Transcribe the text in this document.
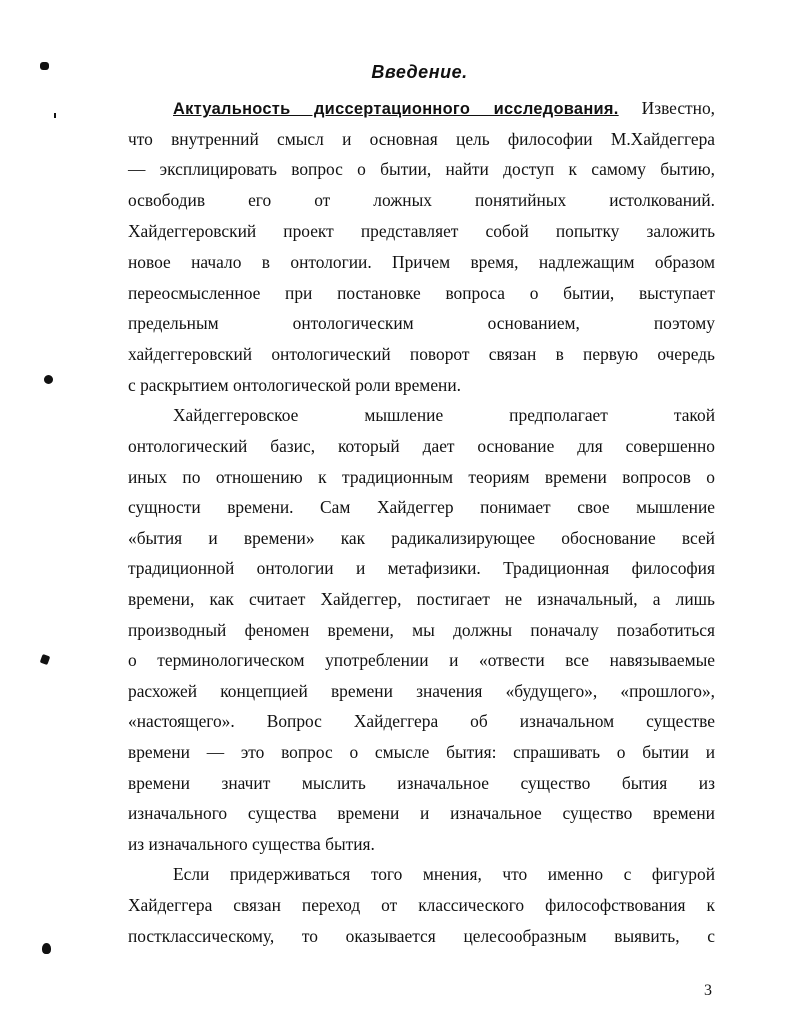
Введение.
Актуальность диссертационного исследования. Известно,
что внутренний смысл и основная цель философии М.Хайдеггера
— эксплицировать вопрос о бытии, найти доступ к самому бытию,
освободив его от ложных понятийных истолкований.
Хайдеггеровский проект представляет собой попытку заложить
новое начало в онтологии. Причем время, надлежащим образом
переосмысленное при постановке вопроса о бытии, выступает
предельным онтологическим основанием, поэтому
хайдеггеровский онтологический поворот связан в первую очередь
с раскрытием онтологической роли времени.
Хайдеггеровское мышление предполагает такой
онтологический базис, который дает основание для совершенно
иных по отношению к традиционным теориям времени вопросов о
сущности времени. Сам Хайдеггер понимает свое мышление
«бытия и времени» как радикализирующее обоснование всей
традиционной онтологии и метафизики. Традиционная философия
времени, как считает Хайдеггер, постигает не изначальный, а лишь
производный феномен времени, мы должны поначалу позаботиться
о терминологическом употреблении и «отвести все навязываемые
расхожей концепцией времени значения «будущего», «прошлого»,
«настоящего». Вопрос Хайдеггера об изначальном существе
времени — это вопрос о смысле бытия: спрашивать о бытии и
времени значит мыслить изначальное существо бытия из
изначального существа времени и изначальное существо времени
из изначального существа бытия.
Если придерживаться того мнения, что именно с фигурой
Хайдеггера связан переход от классического философствования к
постклассическому, то оказывается целесообразным выявить, с
3
